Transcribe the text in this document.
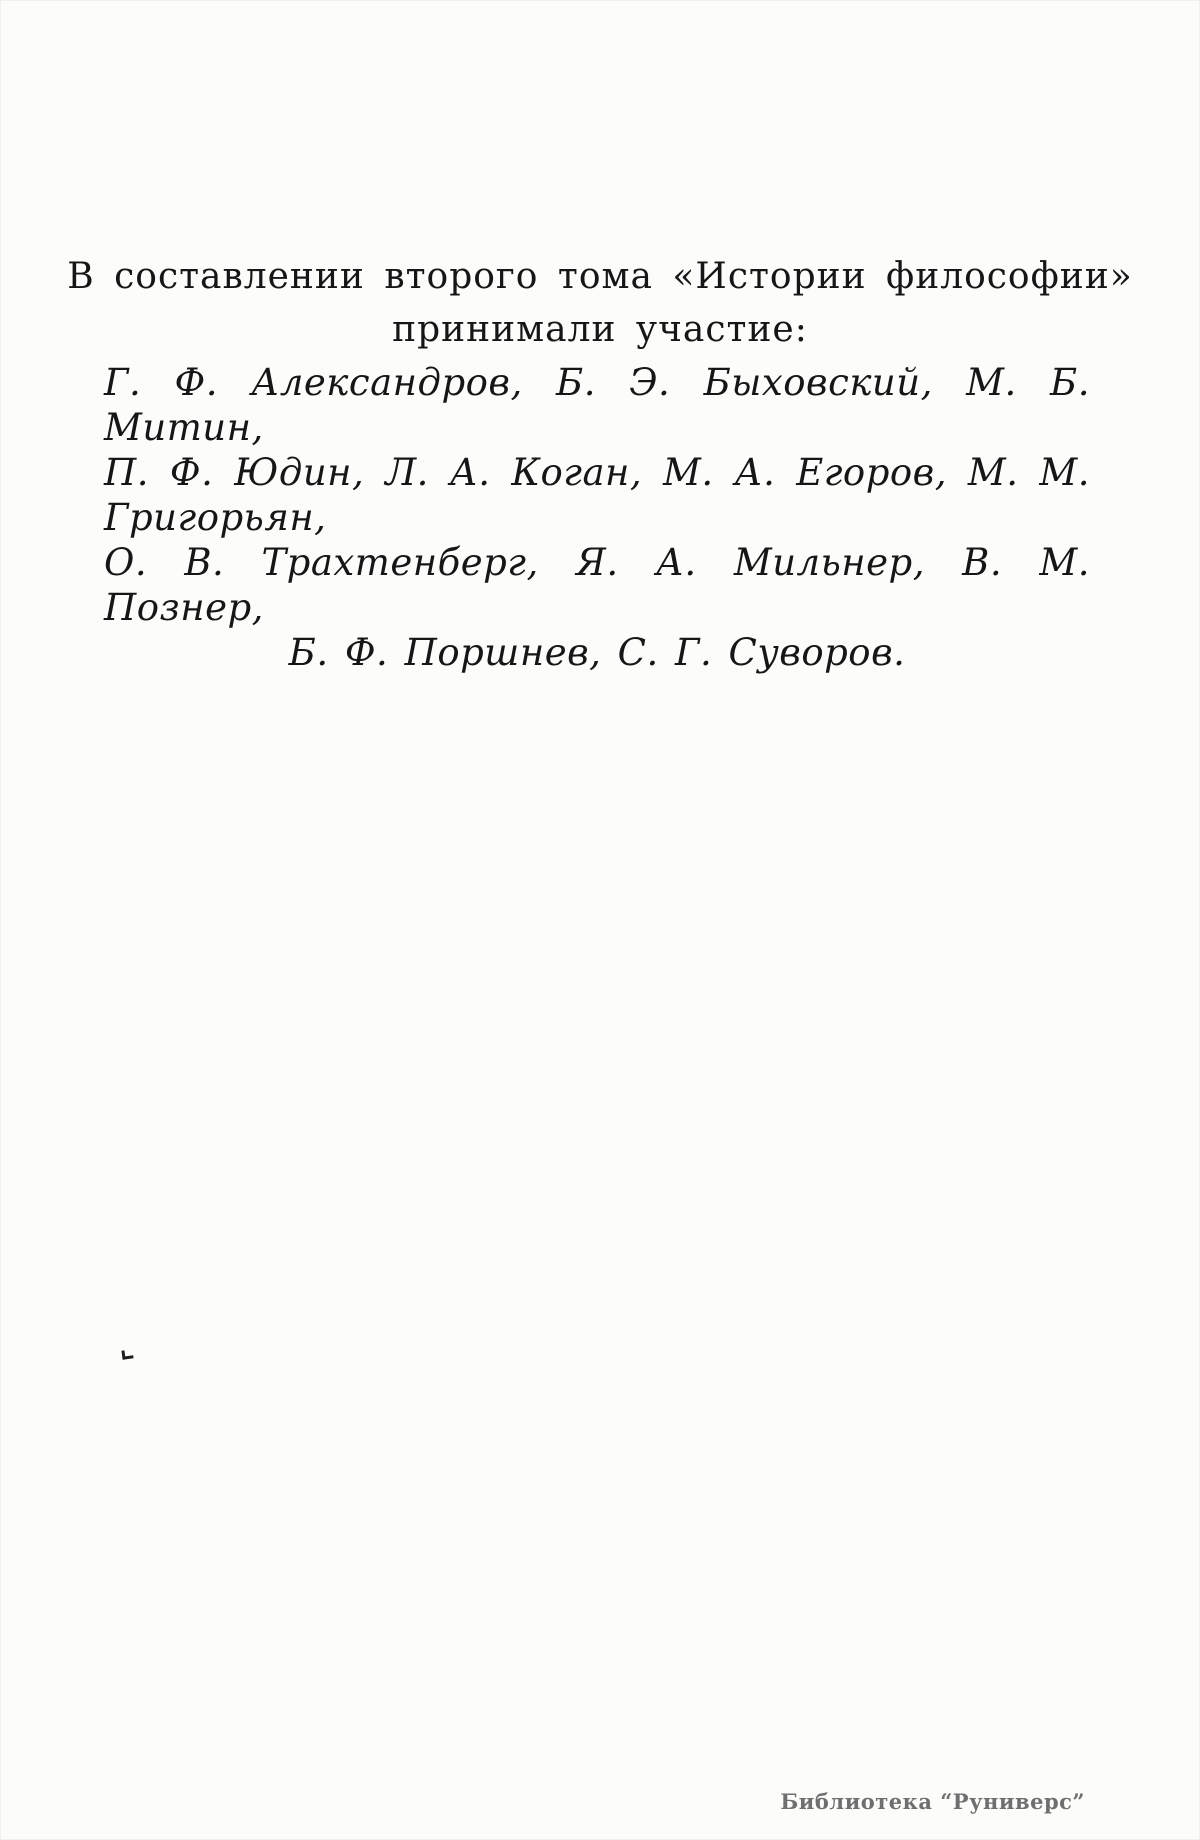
В составлении второго тома «Истории философии»
принимали участие:
Г. Ф. Александров, Б. Э. Быховский, М. Б. Митин,
П. Ф. Юдин, Л. А. Коган, М. А. Егоров, М. М. Григорьян,
О. В. Трахтенберг, Я. А. Мильнер, В. М. Познер,
Б. Ф. Поршнев, С. Г. Суворов.
Библиотека “Руниверс”
